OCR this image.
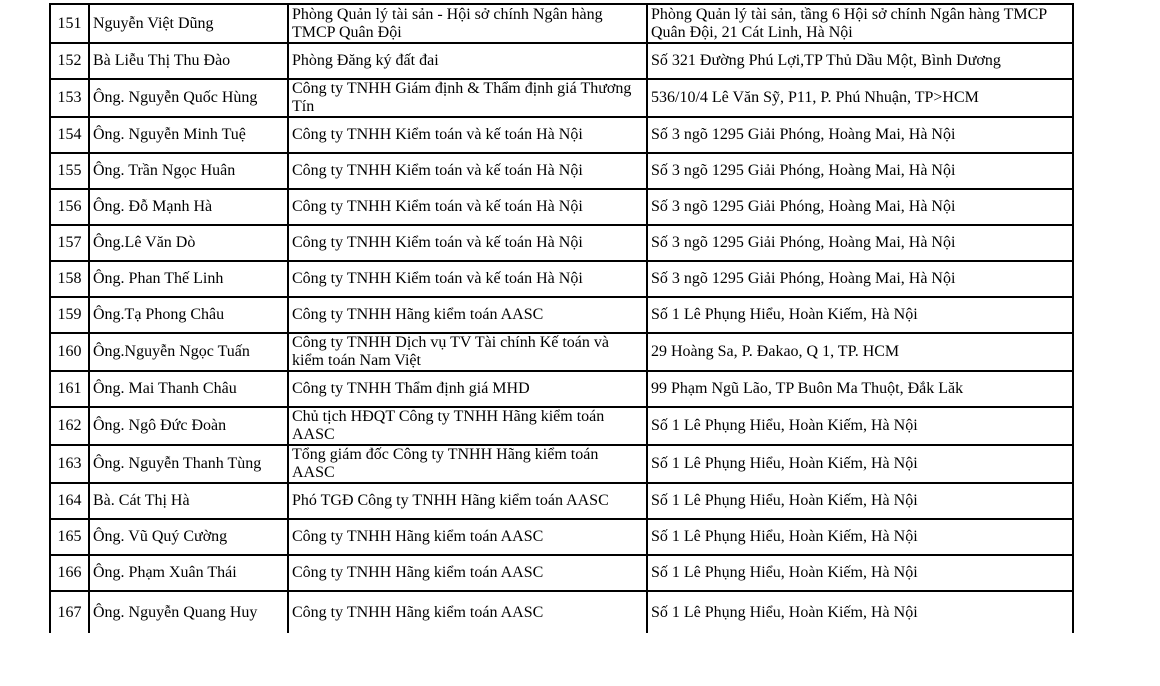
151	Nguyễn Việt Dũng	Phòng Quản lý tài sản - Hội sở chính Ngân hàng TMCP Quân Đội	Phòng Quản lý tài sản, tầng 6 Hội sở chính Ngân hàng TMCP Quân Đội, 21 Cát Linh, Hà Nội
152	Bà Liễu Thị Thu Đào	Phòng Đăng ký đất đai	Số 321 Đường Phú Lợi,TP Thủ Dầu Một, Bình Dương
153	Ông. Nguyễn Quốc Hùng	Công ty TNHH Giám định & Thẩm định giá Thương Tín	536/10/4 Lê Văn Sỹ, P11, P. Phú Nhuận, TP>HCM
154	Ông. Nguyễn Minh Tuệ	Công ty TNHH Kiểm toán và kế toán Hà Nội	Số 3 ngõ 1295 Giải Phóng, Hoàng Mai, Hà Nội
155	Ông. Trần Ngọc Huân	Công ty TNHH Kiểm toán và kế toán Hà Nội	Số 3 ngõ 1295 Giải Phóng, Hoàng Mai, Hà Nội
156	Ông. Đỗ Mạnh Hà	Công ty TNHH Kiểm toán và kế toán Hà Nội	Số 3 ngõ 1295 Giải Phóng, Hoàng Mai, Hà Nội
157	Ông.Lê Văn Dò	Công ty TNHH Kiểm toán và kế toán Hà Nội	Số 3 ngõ 1295 Giải Phóng, Hoàng Mai, Hà Nội
158	Ông. Phan Thế Linh	Công ty TNHH Kiểm toán và kế toán Hà Nội	Số 3 ngõ 1295 Giải Phóng, Hoàng Mai, Hà Nội
159	Ông.Tạ Phong Châu	Công ty TNHH Hãng kiểm toán AASC	Số 1 Lê Phụng Hiểu, Hoàn Kiếm, Hà Nội
160	Ông.Nguyễn Ngọc Tuấn	Công ty TNHH Dịch vụ TV Tài chính Kế toán và kiểm toán Nam Việt	29 Hoàng Sa, P. Đakao, Q 1, TP. HCM
161	Ông. Mai Thanh Châu	Công ty TNHH Thẩm định giá MHD	99 Phạm Ngũ Lão, TP Buôn Ma Thuột, Đắk Lăk
162	Ông. Ngô Đức Đoàn	Chủ tịch HĐQT Công ty TNHH Hãng kiểm toán AASC	Số 1 Lê Phụng Hiểu, Hoàn Kiếm, Hà Nội
163	Ông. Nguyễn Thanh Tùng	Tổng giám đốc Công ty TNHH Hãng kiểm toán AASC	Số 1 Lê Phụng Hiểu, Hoàn Kiếm, Hà Nội
164	Bà. Cát Thị Hà	Phó TGĐ Công ty TNHH Hãng kiểm toán AASC	Số 1 Lê Phụng Hiểu, Hoàn Kiếm, Hà Nội
165	Ông. Vũ Quý Cường	Công ty TNHH Hãng kiểm toán AASC	Số 1 Lê Phụng Hiểu, Hoàn Kiếm, Hà Nội
166	Ông. Phạm Xuân Thái	Công ty TNHH Hãng kiểm toán AASC	Số 1 Lê Phụng Hiểu, Hoàn Kiếm, Hà Nội
167	Ông. Nguyễn Quang Huy	Công ty TNHH Hãng kiểm toán AASC	Số 1 Lê Phụng Hiểu, Hoàn Kiếm, Hà Nội
